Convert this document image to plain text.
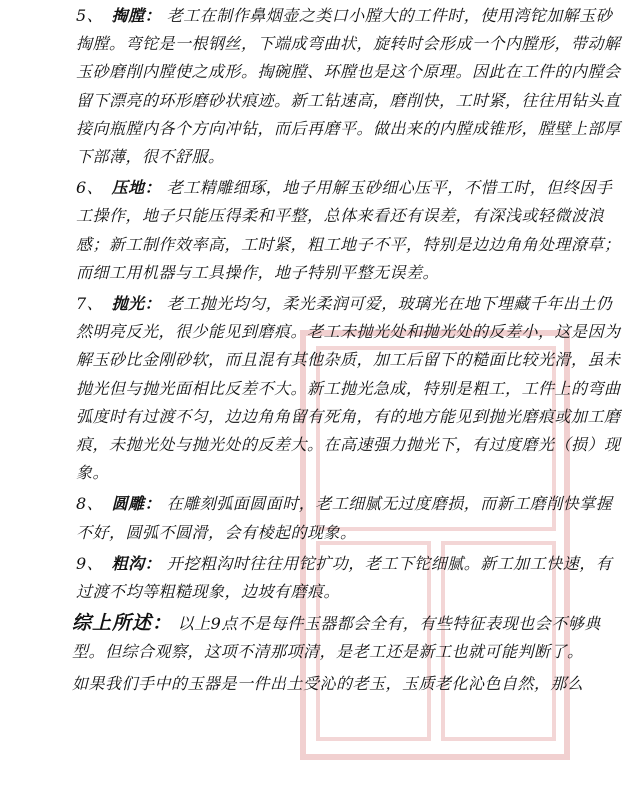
5、 掏膛： 老工在制作鼻烟壶之类口小膛大的工件时，使用湾铊加解玉砂掏膛。弯铊是一根钢丝，下端成弯曲状，旋转时会形成一个内膛形，带动解玉砂磨削内膛使之成形。掏碗膛、环膛也是这个原理。因此在工件的内膛会留下漂亮的环形磨砂状痕迹。新工钻速高，磨削快，工时紧，往往用钻头直接向瓶膛内各个方向冲钻，而后再磨平。做出来的内膛成锥形，膛壁上部厚下部薄，很不舒服。

6、 压地： 老工精雕细琢，地子用解玉砂细心压平，不惜工时，但终因手工操作，地子只能压得柔和平整，总体来看还有误差，有深浅或轻微波浪感；新工制作效率高，工时紧，粗工地子不平，特别是边边角角处理潦草；而细工用机器与工具操作，地子特别平整无误差。

7、 抛光： 老工抛光均匀，柔光柔润可爱，玻璃光在地下埋藏千年出土仍然明亮反光，很少能见到磨痕。老工未抛光处和抛光处的反差小，这是因为解玉砂比金刚砂软，而且混有其他杂质，加工后留下的糙面比较光滑，虽未抛光但与抛光面相比反差不大。新工抛光急成，特别是粗工，工件上的弯曲弧度时有过渡不匀，边边角角留有死角，有的地方能见到抛光磨痕或加工磨痕，未抛光处与抛光处的反差大。在高速强力抛光下，有过度磨光（损）现象。

8、 圆雕： 在雕刻弧面圆面时，老工细腻无过度磨损，而新工磨削快掌握不好，圆弧不圆滑，会有棱起的现象。

9、 粗沟： 开挖粗沟时往往用铊扩功，老工下铊细腻。新工加工快速，有过渡不均等粗糙现象，边坡有磨痕。

综上所述： 以上9点不是每件玉器都会全有，有些特征表现也会不够典型。但综合观察，这项不清那项清，是老工还是新工也就可能判断了。

如果我们手中的玉器是一件出土受沁的老玉，玉质老化沁色自然，那么
